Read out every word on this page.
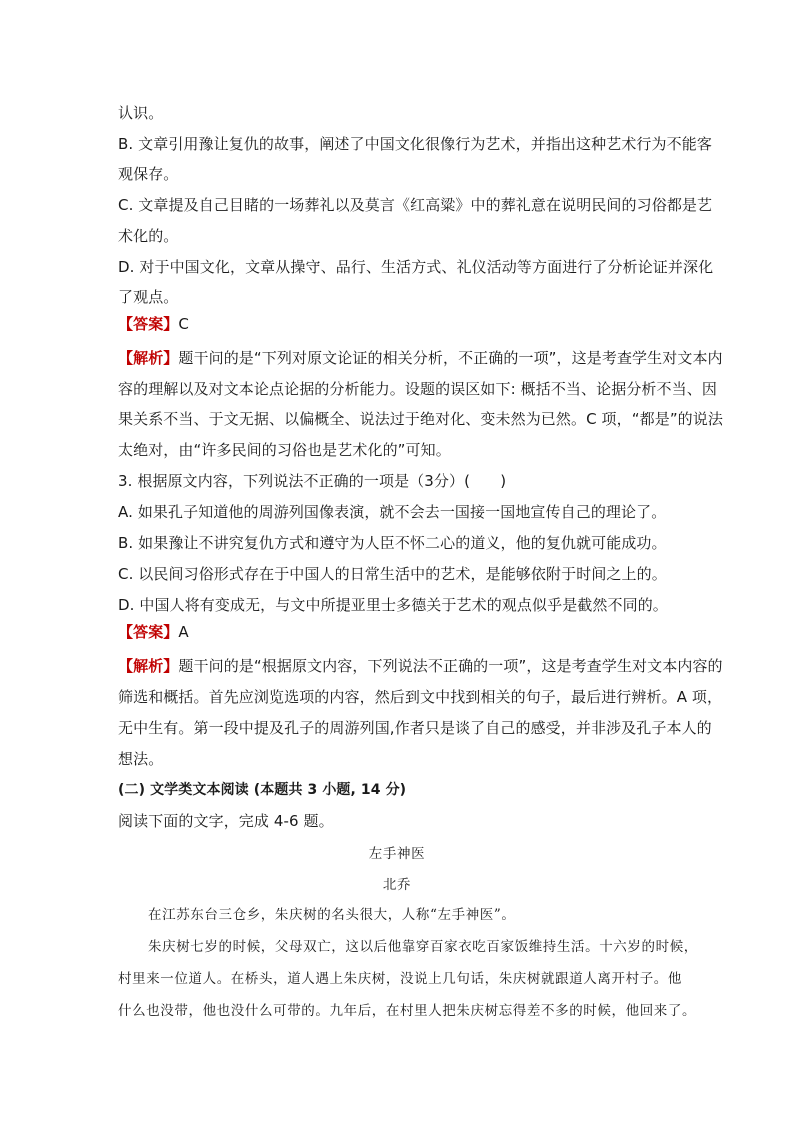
认识。
B. 文章引用豫让复仇的故事，阐述了中国文化很像行为艺术，并指出这种艺术行为不能客
观保存。
C. 文章提及自己目睹的一场葬礼以及莫言《红高粱》中的葬礼意在说明民间的习俗都是艺
术化的。
D. 对于中国文化，文章从操守、品行、生活方式、礼仪活动等方面进行了分析论证并深化
了观点。
【答案】C
【解析】题干问的是“下列对原文论证的相关分析，不正确的一项”，这是考查学生对文本内
容的理解以及对文本论点论据的分析能力。设题的误区如下: 概括不当、论据分析不当、因
果关系不当、于文无据、以偏概全、说法过于绝对化、变未然为已然。C 项，“都是”的说法
太绝对，由“许多民间的习俗也是艺术化的”可知。
3. 根据原文内容，下列说法不正确的一项是（3分）(　　)
A. 如果孔子知道他的周游列国像表演，就不会去一国接一国地宣传自己的理论了。
B. 如果豫让不讲究复仇方式和遵守为人臣不怀二心的道义，他的复仇就可能成功。
C. 以民间习俗形式存在于中国人的日常生活中的艺术，是能够依附于时间之上的。
D. 中国人将有变成无，与文中所提亚里士多德关于艺术的观点似乎是截然不同的。
【答案】A
【解析】题干问的是“根据原文内容，下列说法不正确的一项”，这是考查学生对文本内容的
筛选和概括。首先应浏览选项的内容，然后到文中找到相关的句子，最后进行辨析。A 项，
无中生有。第一段中提及孔子的周游列国,作者只是谈了自己的感受，并非涉及孔子本人的
想法。
(二) 文学类文本阅读 (本题共 3 小题, 14 分)
阅读下面的文字，完成 4-6 题。
左手神医
北乔
在江苏东台三仓乡，朱庆树的名头很大，人称“左手神医”。
朱庆树七岁的时候，父母双亡，这以后他靠穿百家衣吃百家饭维持生活。十六岁的时候，
村里来一位道人。在桥头，道人遇上朱庆树，没说上几句话，朱庆树就跟道人离开村子。他
什么也没带，他也没什么可带的。九年后，在村里人把朱庆树忘得差不多的时候，他回来了。
